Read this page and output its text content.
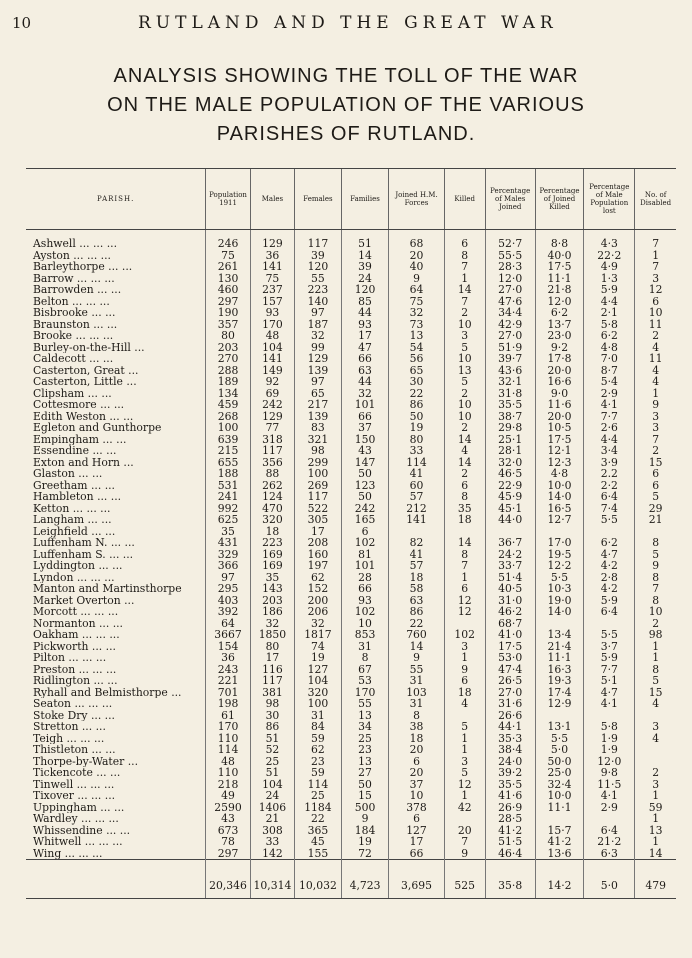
10	RUTLAND AND THE GREAT WAR
ANALYSIS SHOWING THE TOLL OF THE WAR
ON THE MALE POPULATION OF THE VARIOUS
PARISHES OF RUTLAND.
PARISH.	Population 1911	Males	Females	Families	Joined H.M. Forces	Killed	Percentage of Males Joined	Percentage of Joined Killed	Percentage of Male Population lost	No. of Disabled

Ashwell ... ... ...	246	129	117	51	68	6	52·7	8·8	4·3	7
Ayston ... ... ...	75	36	39	14	20	8	55·5	40·0	22·2	1
Barleythorpe ... ...	261	141	120	39	40	7	28·3	17·5	4·9	7
Barrow ... ... ...	130	75	55	24	9	1	12·0	11·1	1·3	3
Barrowden ... ...	460	237	223	120	64	14	27·0	21·8	5·9	12
Belton ... ... ...	297	157	140	85	75	7	47·6	12·0	4·4	6
Bisbrooke ... ...	190	93	97	44	32	2	34·4	6·2	2·1	10
Braunston ... ...	357	170	187	93	73	10	42·9	13·7	5·8	11
Brooke ... ... ...	80	48	32	17	13	3	27·0	23·0	6·2	2
Burley-on-the-Hill ...	203	104	99	47	54	5	51·9	9·2	4·8	4
Caldecott ... ...	270	141	129	66	56	10	39·7	17·8	7·0	11
Casterton, Great ...	288	149	139	63	65	13	43·6	20·0	8·7	4
Casterton, Little ...	189	92	97	44	30	5	32·1	16·6	5·4	4
Clipsham ... ...	134	69	65	32	22	2	31·8	9·0	2·9	1
Cottesmore ... ...	459	242	217	101	86	10	35·5	11·6	4·1	9
Edith Weston ... ...	268	129	139	66	50	10	38·7	20·0	7·7	3
Egleton and Gunthorpe	100	77	83	37	19	2	29·8	10·5	2·6	3
Empingham ... ...	639	318	321	150	80	14	25·1	17·5	4·4	7
Essendine ... ...	215	117	98	43	33	4	28·1	12·1	3·4	2
Exton and Horn ...	655	356	299	147	114	14	32·0	12·3	3·9	15
Glaston ... ...	188	88	100	50	41	2	46·5	4·8	2.2	6
Greetham ... ...	531	262	269	123	60	6	22·9	10·0	2·2	6
Hambleton ... ...	241	124	117	50	57	8	45·9	14·0	6·4	5
Ketton ... ... ...	992	470	522	242	212	35	45·1	16·5	7·4	29
Langham ... ...	625	320	305	165	141	18	44·0	12·7	5·5	21
Leighfield ... ...	35	18	17	6						
Luffenham N. ... ...	431	223	208	102	82	14	36·7	17·0	6·2	8
Luffenham S. ... ...	329	169	160	81	41	8	24·2	19·5	4·7	5
Lyddington ... ...	366	169	197	101	57	7	33·7	12·2	4·2	9
Lyndon ... ... ...	97	35	62	28	18	1	51·4	5·5	2·8	8
Manton and Martinsthorpe	295	143	152	66	58	6	40·5	10·3	4·2	7
Market Overton ...	403	203	200	93	63	12	31·0	19·0	5·9	8
Morcott ... ... ...	392	186	206	102	86	12	46·2	14·0	6·4	10
Normanton ... ...	64	32	32	10	22		68·7			2
Oakham ... ... ...	3667	1850	1817	853	760	102	41·0	13·4	5·5	98
Pickworth ... ...	154	80	74	31	14	3	17·5	21·4	3·7	1
Pilton ... ... ...	36	17	19	8	9	1	53·0	11·1	5·9	1
Preston ... ... ...	243	116	127	67	55	9	47·4	16·3	7·7	8
Ridlington ... ...	221	117	104	53	31	6	26·5	19·3	5·1	5
Ryhall and Belmisthorpe ...	701	381	320	170	103	18	27·0	17·4	4·7	15
Seaton ... ... ...	198	98	100	55	31	4	31·6	12·9	4·1	4
Stoke Dry ... ...	61	30	31	13	8		26·6			
Stretton ... ...	170	86	84	34	38	5	44·1	13·1	5·8	3
Teigh ... ... ...	110	51	59	25	18	1	35·3	5·5	1·9	4
Thistleton ... ...	114	52	62	23	20	1	38·4	5·0	1·9	
Thorpe-by-Water ...	48	25	23	13	6	3	24·0	50·0	12·0	
Tickencote ... ...	110	51	59	27	20	5	39·2	25·0	9·8	2
Tinwell ... ... ...	218	104	114	50	37	12	35·5	32·4	11·5	3
Tixover ... ... ...	49	24	25	15	10	1	41·6	10·0	4·1	1
Uppingham ... ...	2590	1406	1184	500	378	42	26·9	11·1	2·9	59
Wardley ... ... ...	43	21	22	9	6		28·5			1
Whissendine ... ...	673	308	365	184	127	20	41·2	15·7	6·4	13
Whitwell ... ... ...	78	33	45	19	17	7	51·5	41·2	21·2	1
Wing ... ... ...	297	142	155	72	66	9	46·4	13·6	6·3	14

	20,346	10,314	10,032	4,723	3,695	525	35·8	14·2	5·0	479
